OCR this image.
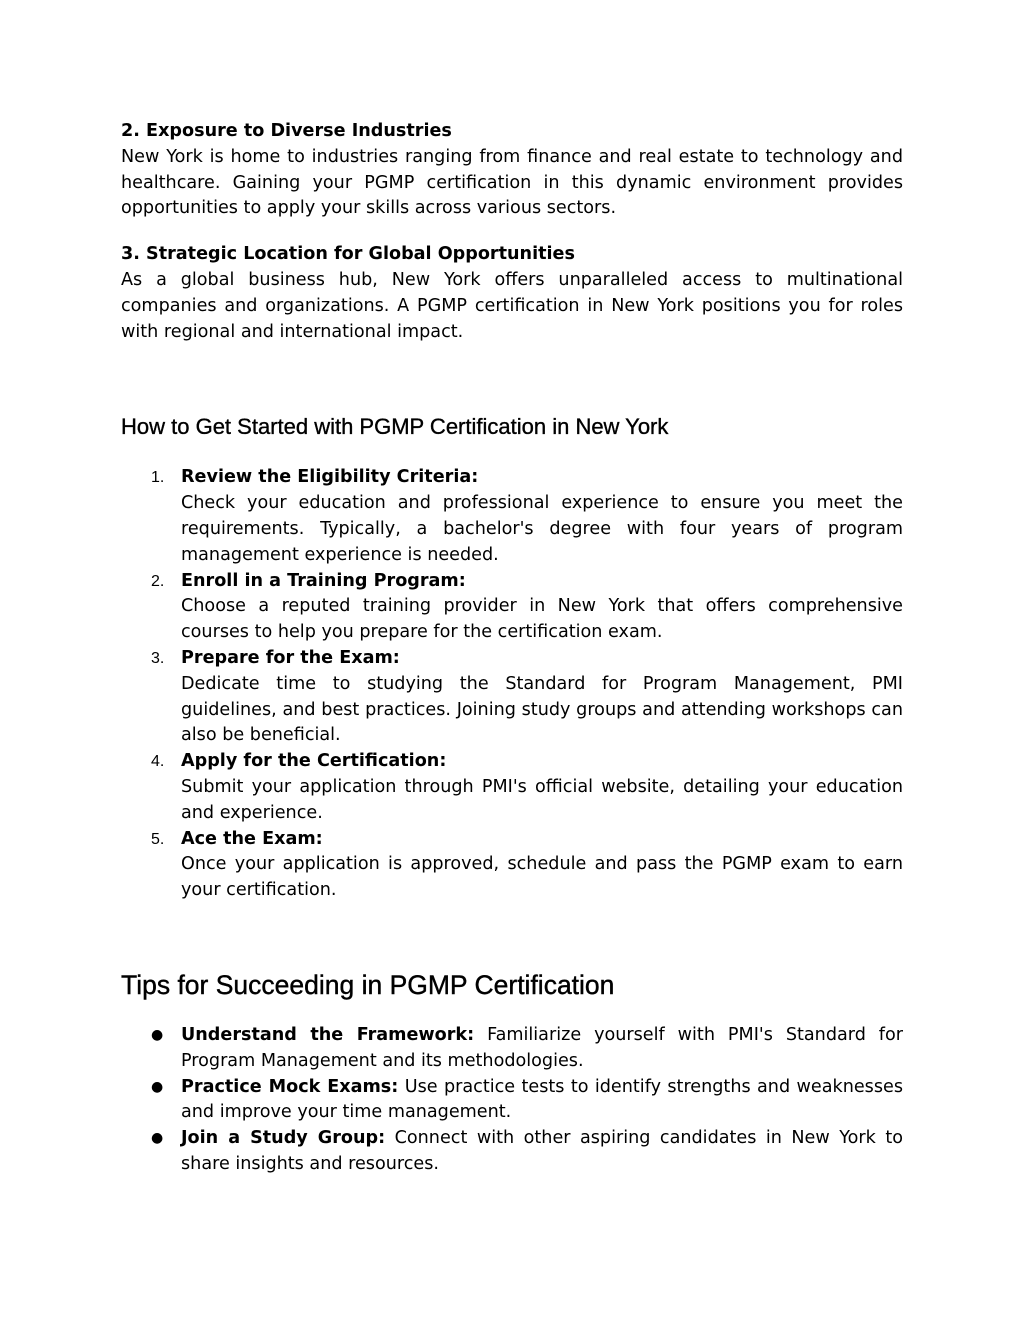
2. Exposure to Diverse Industries

New York is home to industries ranging from finance and real estate to technology and healthcare. Gaining your PGMP certification in this dynamic environment provides opportunities to apply your skills across various sectors.

3. Strategic Location for Global Opportunities

As a global business hub, New York offers unparalleled access to multinational companies and organizations. A PGMP certification in New York positions you for roles with regional and international impact.

How to Get Started with PGMP Certification in New York
1. Review the Eligibility Criteria:
Check your education and professional experience to ensure you meet the requirements. Typically, a bachelor's degree with four years of program management experience is needed.
2. Enroll in a Training Program:
Choose a reputed training provider in New York that offers comprehensive courses to help you prepare for the certification exam.
3. Prepare for the Exam:
Dedicate time to studying the Standard for Program Management, PMI guidelines, and best practices. Joining study groups and attending workshops can also be beneficial.
4. Apply for the Certification:
Submit your application through PMI's official website, detailing your education and experience.
5. Ace the Exam:
Once your application is approved, schedule and pass the PGMP exam to earn your certification.
Tips for Succeeding in PGMP Certification
● Understand the Framework: Familiarize yourself with PMI's Standard for Program Management and its methodologies.
● Practice Mock Exams: Use practice tests to identify strengths and weaknesses and improve your time management.
● Join a Study Group: Connect with other aspiring candidates in New York to share insights and resources.
